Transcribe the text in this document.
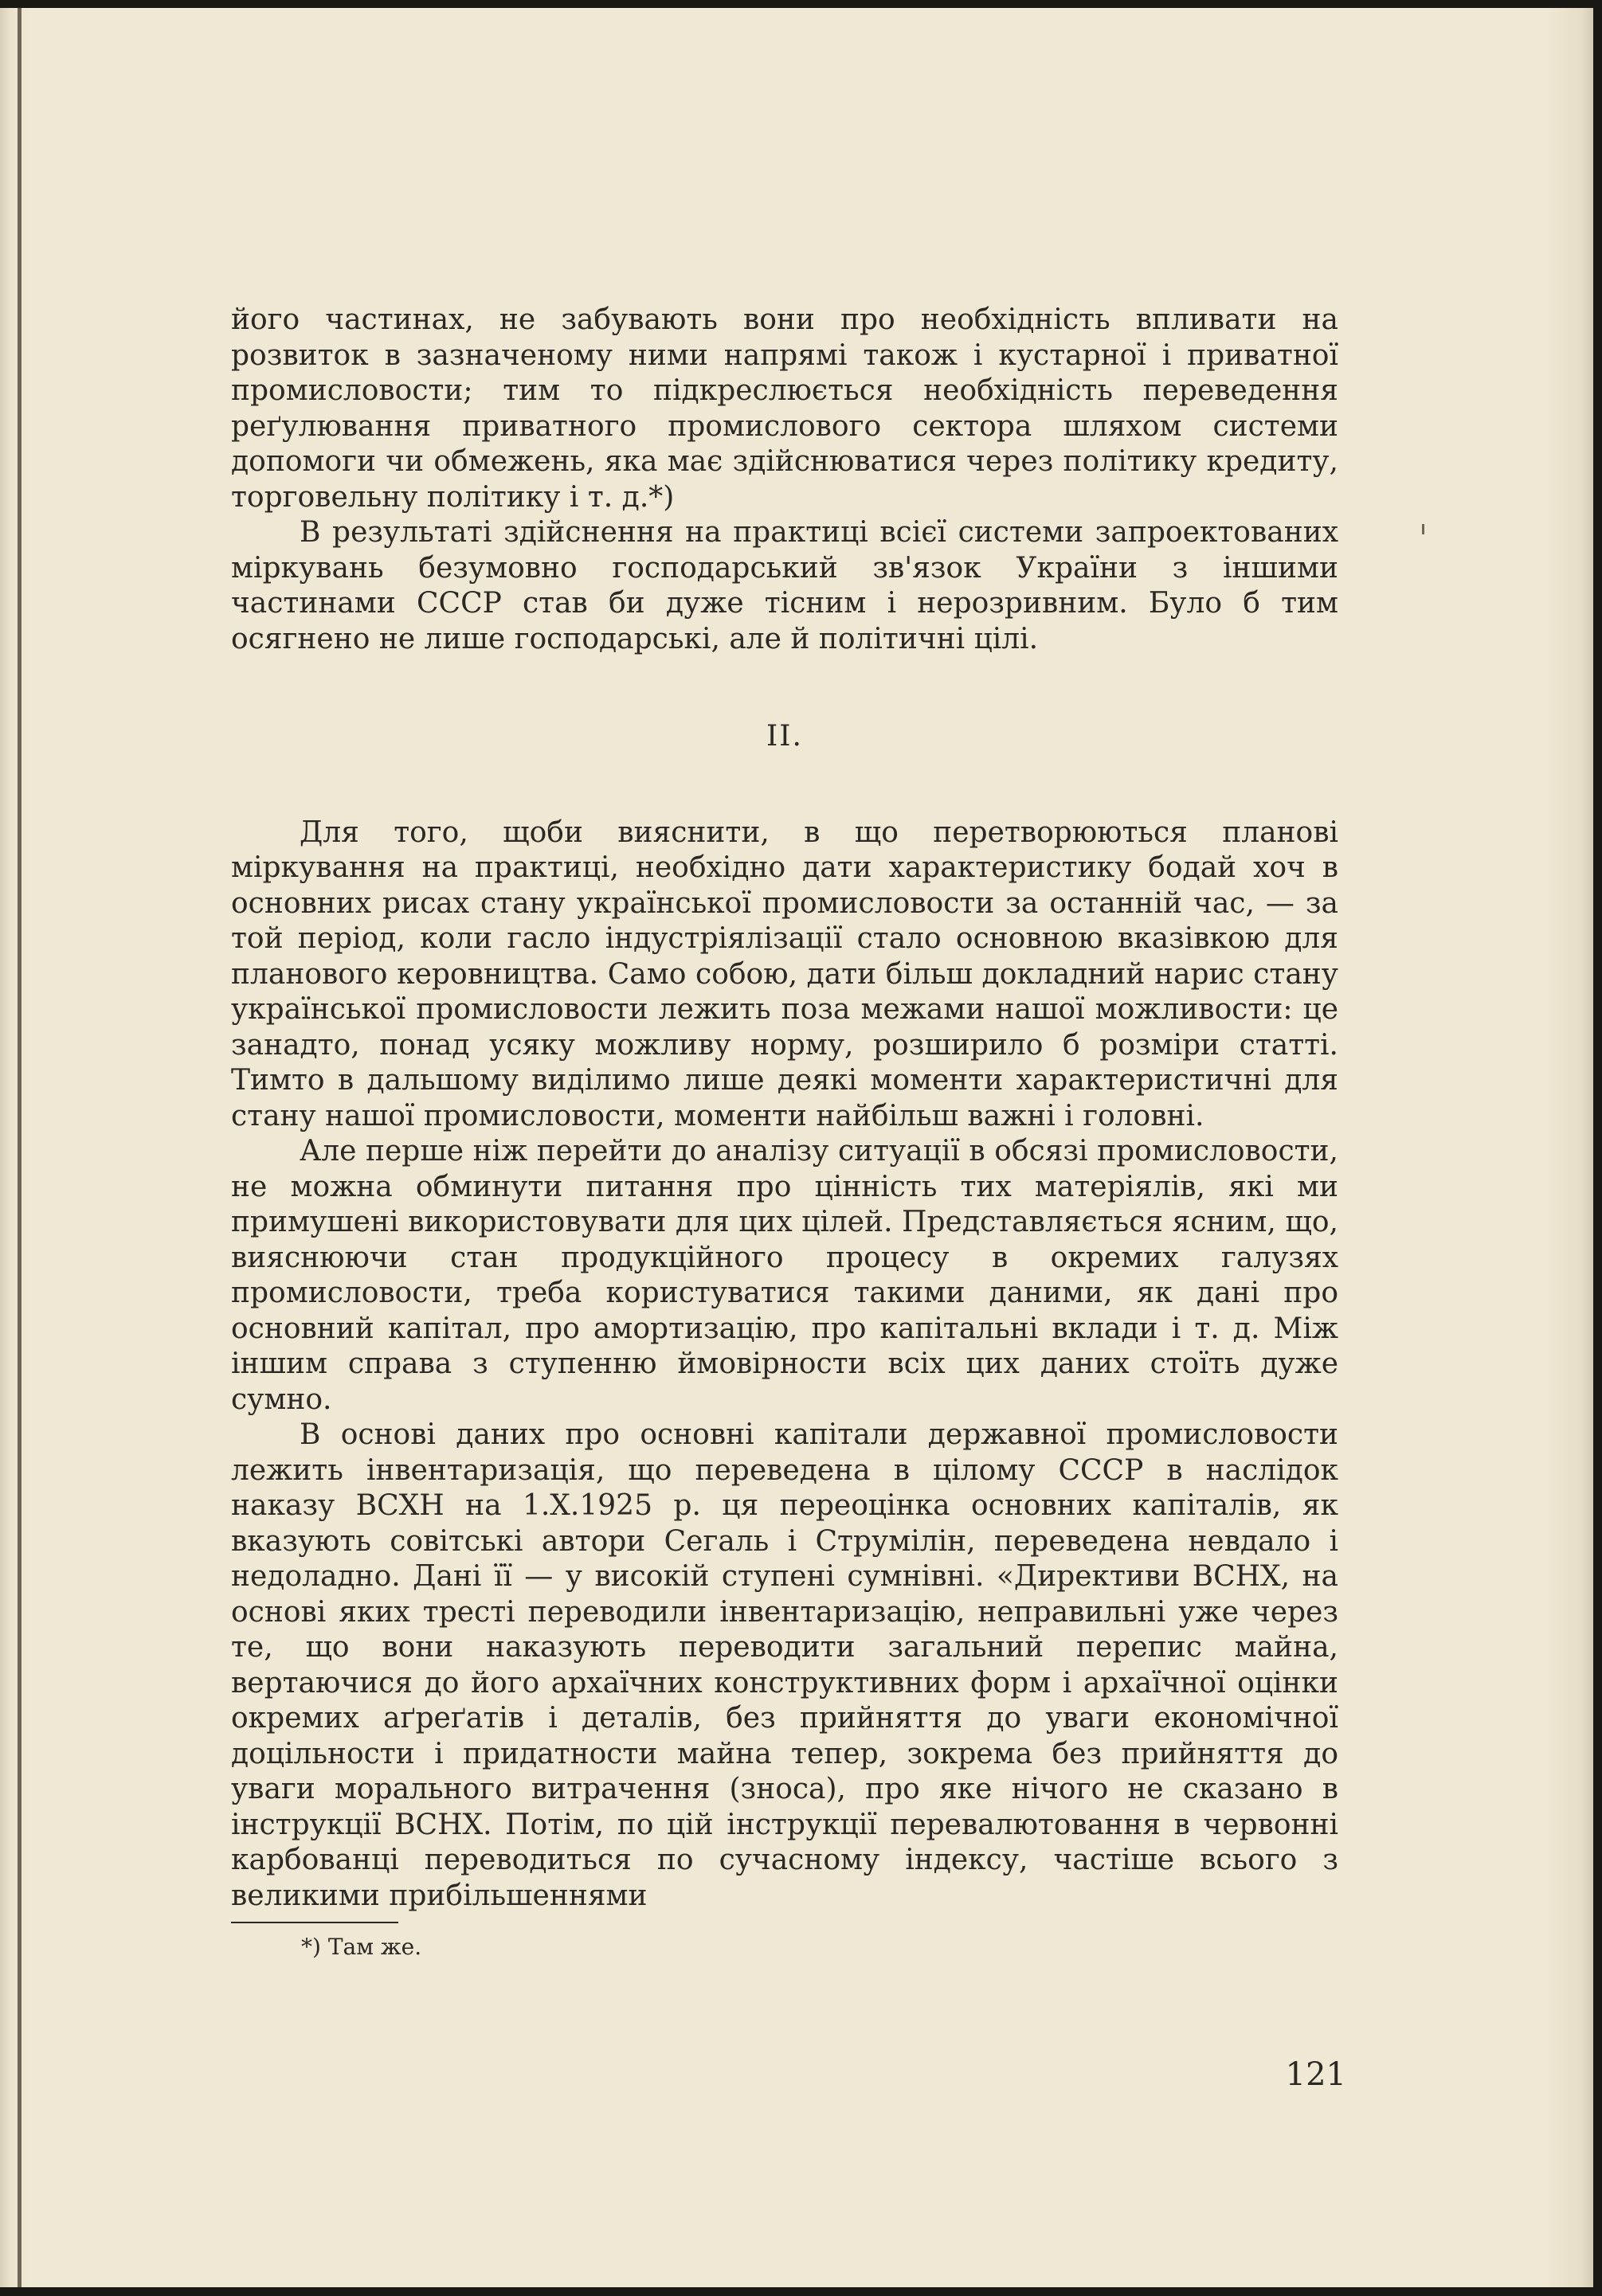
його частинах, не забувають вони про необхідність впливати на розвиток в зазначеному ними напрямі також і кустарної і приватної промисловости; тим то підкреслюється необхідність переведення реґулювання приватного промислового сектора шляхом системи допомоги чи обмежень, яка має здійснюватися через політику кредиту, торговельну політику і т. д.*)

В результаті здійснення на практиці всієї системи запроектованих міркувань безумовно господарський зв'язок України з іншими частинами СССР став би дуже тісним і нерозривним. Було б тим осягнено не лише господарські, але й політичні цілі.

II.

Для того, щоби вияснити, в що перетворюються планові міркування на практиці, необхідно дати характеристику бодай хоч в основних рисах стану української промисловости за останній час, — за той період, коли гасло індустріялізації стало основною вказівкою для планового керовництва. Само собою, дати більш докладний нарис стану української промисловости лежить поза межами нашої можливости: це занадто, понад усяку можливу норму, розширило б розміри статті. Тимто в дальшому виділимо лише деякі моменти характеристичні для стану нашої промисловости, моменти найбільш важні і головні.

Але перше ніж перейти до аналізу ситуації в обсязі промисловости, не можна обминути питання про цінність тих матеріялів, які ми примушені використовувати для цих цілей. Представляється ясним, що, вияснюючи стан продукційного процесу в окремих галузях промисловости, треба користуватися такими даними, як дані про основний капітал, про амортизацію, про капітальні вклади і т. д. Між іншим справа з ступенню ймовірности всіх цих даних стоїть дуже сумно.

В основі даних про основні капітали державної промисловости лежить інвентаризація, що переведена в цілому СССР в наслідок наказу ВСХН на 1.X.1925 р. ця переоцінка основних капіталів, як вказують совітські автори Сегаль і Струмілін, переведена невдало і недоладно. Дані її — у високій ступені сумнівні. «Директиви ВСНХ, на основі яких тресті переводили інвентаризацію, неправильні уже через те, що вони наказують переводити загальний перепис майна, вертаючися до його архаїчних конструктивних форм і архаїчної оцінки окремих аґреґатів і деталів, без прийняття до уваги економічної доцільности і придатности майна тепер, зокрема без прийняття до уваги морального витрачення (зноса), про яке нічого не сказано в інструкції ВСНХ. Потім, по цій інструкції перевалютовання в червонні карбованці переводиться по сучасному індексу, частіше всього з великими прибільшеннями

*) Там же.

121
